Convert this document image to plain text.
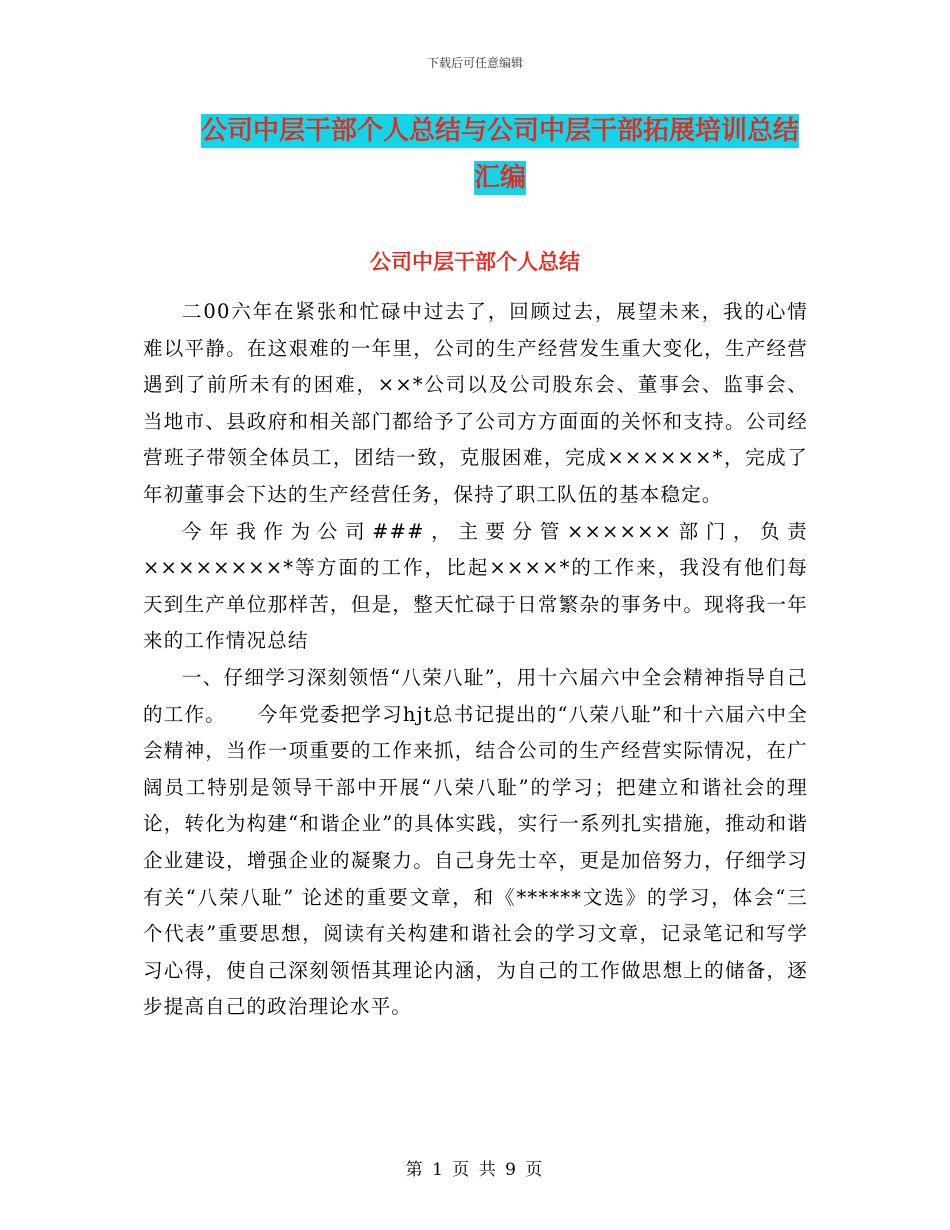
下载后可任意编辑
公司中层干部个人总结与公司中层干部拓展培训总结
汇编
公司中层干部个人总结

二00六年在紧张和忙碌中过去了，回顾过去，展望未来，我的心情难以平静。在这艰难的一年里，公司的生产经营发生重大变化，生产经营遇到了前所未有的困难，××*公司以及公司股东会、董事会、监事会、当地市、县政府和相关部门都给予了公司方方面面的关怀和支持。公司经营班子带领全体员工，团结一致，克服困难，完成××××××*，完成了年初董事会下达的生产经营任务，保持了职工队伍的基本稳定。

今年我作为公司###，主要分管××××××部门，负责××××××××*等方面的工作，比起××××*的工作来，我没有他们每天到生产单位那样苦，但是，整天忙碌于日常繁杂的事务中。现将我一年来的工作情况总结

一、仔细学习深刻领悟“八荣八耻”，用十六届六中全会精神指导自己的工作。　　今年党委把学习hjt总书记提出的“八荣八耻”和十六届六中全会精神，当作一项重要的工作来抓，结合公司的生产经营实际情况，在广阔员工特别是领导干部中开展“八荣八耻”的学习；把建立和谐社会的理论，转化为构建“和谐企业”的具体实践，实行一系列扎实措施，推动和谐企业建设，增强企业的凝聚力。自己身先士卒，更是加倍努力，仔细学习有关“八荣八耻” 论述的重要文章，和《******文选》的学习，体会“三个代表”重要思想，阅读有关构建和谐社会的学习文章，记录笔记和写学习心得，使自己深刻领悟其理论内涵，为自己的工作做思想上的储备，逐步提高自己的政治理论水平。

第 1 页 共 9 页
